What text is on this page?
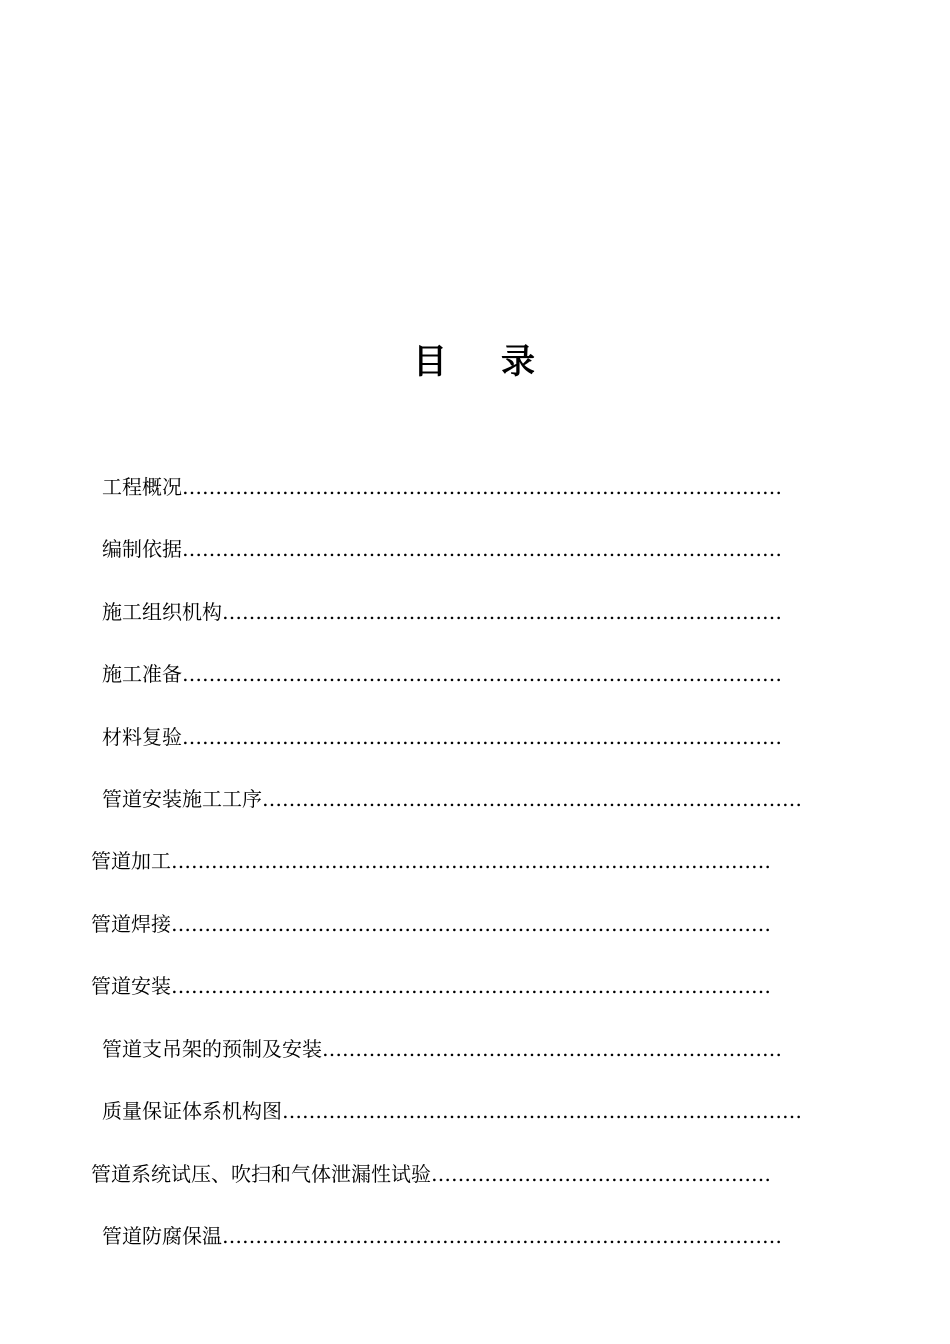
目 录
工程概况………………………………………………………………………………
编制依据………………………………………………………………………………
施工组织机构…………………………………………………………………………
施工准备………………………………………………………………………………
材料复验………………………………………………………………………………
管道安装施工工序………………………………………………………………………
管道加工………………………………………………………………………………
管道焊接………………………………………………………………………………
管道安装………………………………………………………………………………
管道支吊架的预制及安装……………………………………………………………
质量保证体系机构图……………………………………………………………………
管道系统试压、吹扫和气体泄漏性试验……………………………………………
管道防腐保温…………………………………………………………………………
